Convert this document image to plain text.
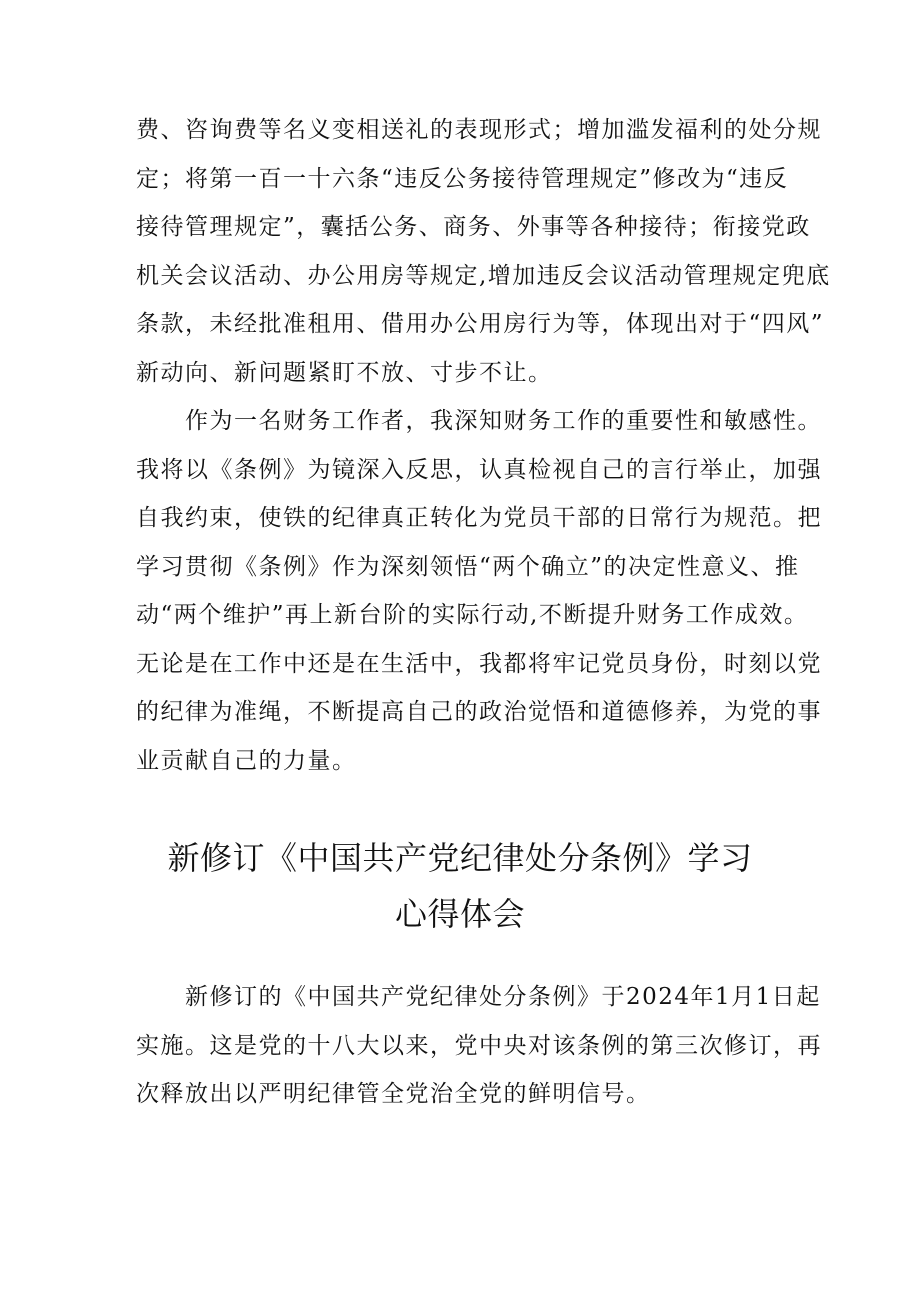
费、咨询费等名义变相送礼的表现形式；增加滥发福利的处分规
定；将第一百一十六条“违反公务接待管理规定”修改为“违反
接待管理规定”，囊括公务、商务、外事等各种接待；衔接党政
机关会议活动、办公用房等规定,增加违反会议活动管理规定兜底
条款，未经批准租用、借用办公用房行为等，体现出对于“四风”
新动向、新问题紧盯不放、寸步不让。

　　作为一名财务工作者，我深知财务工作的重要性和敏感性。
我将以《条例》为镜深入反思，认真检视自己的言行举止，加强
自我约束，使铁的纪律真正转化为党员干部的日常行为规范。把
学习贯彻《条例》作为深刻领悟“两个确立”的决定性意义、推
动“两个维护”再上新台阶的实际行动,不断提升财务工作成效。
无论是在工作中还是在生活中，我都将牢记党员身份，时刻以党
的纪律为准绳，不断提高自己的政治觉悟和道德修养，为党的事
业贡献自己的力量。

新修订《中国共产党纪律处分条例》学习
心得体会

　　新修订的《中国共产党纪律处分条例》于2024年1月1日起
实施。这是党的十八大以来，党中央对该条例的第三次修订，再
次释放出以严明纪律管全党治全党的鲜明信号。
